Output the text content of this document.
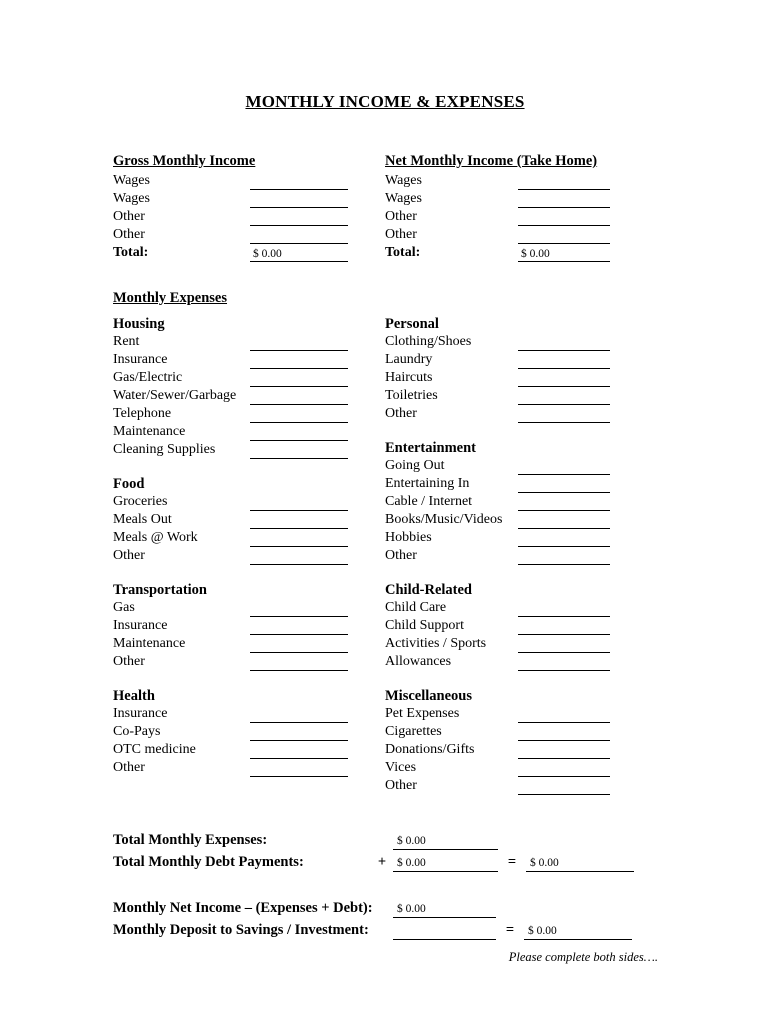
MONTHLY INCOME & EXPENSES
Gross Monthly Income
Wages
Wages
Other
Other
Total:	$ 0.00
Net Monthly Income (Take Home)
Wages
Wages
Other
Other
Total:	$ 0.00
Monthly Expenses
Housing
Rent
Insurance
Gas/Electric
Water/Sewer/Garbage
Telephone
Maintenance
Cleaning Supplies
Food
Groceries
Meals Out
Meals @ Work
Other
Transportation
Gas
Insurance
Maintenance
Other
Health
Insurance
Co-Pays
OTC medicine
Other
Personal
Clothing/Shoes
Laundry
Haircuts
Toiletries
Other
Entertainment
Going Out
Entertaining In
Cable / Internet
Books/Music/Videos
Hobbies
Other
Child-Related
Child Care
Child Support
Activities / Sports
Allowances
Miscellaneous
Pet Expenses
Cigarettes
Donations/Gifts
Vices
Other
Total Monthly Expenses:	$ 0.00
Total Monthly Debt Payments:	+ $ 0.00	=	$ 0.00
Monthly Net Income – (Expenses + Debt):	$ 0.00
Monthly Deposit to Savings / Investment:	=	$ 0.00
Please complete both sides….
